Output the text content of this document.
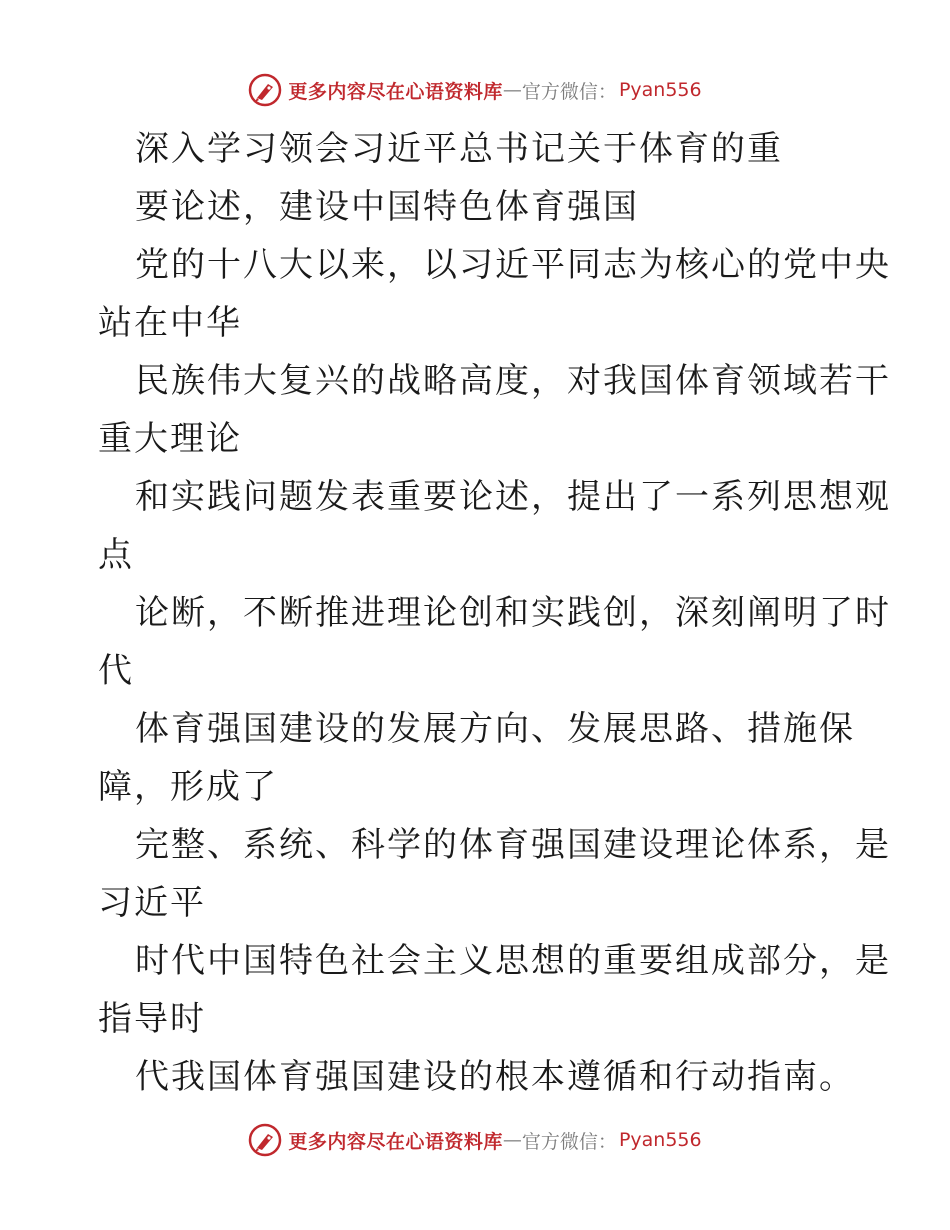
更多内容尽在心语资料库 — 官方微信： Pyan556
深入学习领会习近平总书记关于体育的重
要论述，建设中国特色体育强国
党的十八大以来，以习近平同志为核心的党中央
站在中华
民族伟大复兴的战略高度，对我国体育领域若干
重大理论
和实践问题发表重要论述，提出了一系列思想观
点
论断，不断推进理论创和实践创，深刻阐明了时
代
体育强国建设的发展方向、发展思路、措施保
障，形成了
完整、系统、科学的体育强国建设理论体系，是
习近平
时代中国特色社会主义思想的重要组成部分，是
指导时
代我国体育强国建设的根本遵循和行动指南。
更多内容尽在心语资料库 — 官方微信： Pyan556
